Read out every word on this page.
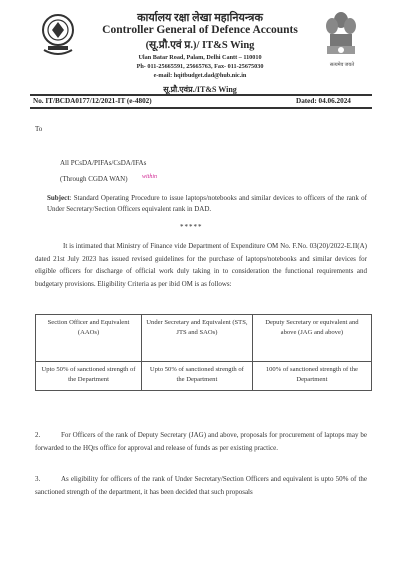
कार्यालय रक्षा लेखा महानियन्त्रक
Controller General of Defence Accounts
(सू.प्रौ.एवं प्र.)/ IT&S Wing
Ulan Batar Road, Palam, Delhi Cantt – 110010
Ph- 011-25665591, 25665763, Fax- 011-25675030
e-mail: hqitbudget.dad@hub.nic.in
सू.प्रौ.एवंप्र./IT&S Wing
सत्यमेव जयते
No. IT/BCDA0177/12/2021-IT (e-4802)	Dated: 04.06.2024
To
All PCsDA/PIFAs/CsDA/IFAs
(Through CGDA WAN) within
Subject: Standard Operating Procedure to issue laptops/notebooks and similar devices to officers of the rank of Under Secretary/Section Officers equivalent rank in DAD.
*****
It is intimated that Ministry of Finance vide Department of Expenditure OM No. F.No. 03(20)/2022-E.II(A) dated 21st July 2023 has issued revised guidelines for the purchase of laptops/notebooks and similar devices for eligible officers for discharge of official work duly taking in to consideration the functional requirements and budgetary provisions. Eligibility Criteria as per ibid OM is as follows:
Section Officer and Equivalent (AAOs)	Under Secretary and Equivalent (STS, JTS and SAOs)	Deputy Secretary or equivalent and above (JAG and above)
Upto 50% of sanctioned strength of the Department	Upto 50% of sanctioned strength of the Department	100% of sanctioned strength of the Department
2.	For Officers of the rank of Deputy Secretary (JAG) and above, proposals for procurement of laptops may be forwarded to the HQrs office for approval and release of funds as per existing practice.
3.	As eligibility for officers of the rank of Under Secretary/Section Officers and equivalent is upto 50% of the sanctioned strength of the department, it has been decided that such proposals
